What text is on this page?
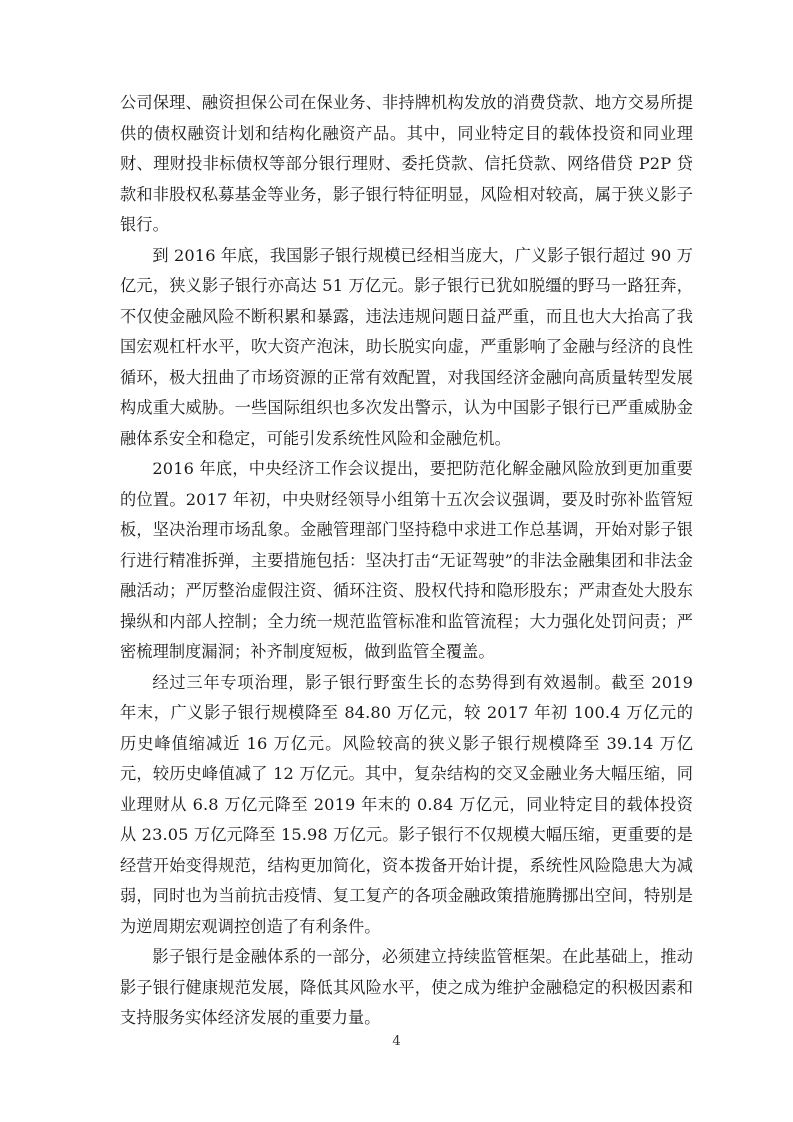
公司保理、融资担保公司在保业务、非持牌机构发放的消费贷款、地方交易所提供的债权融资计划和结构化融资产品。其中，同业特定目的载体投资和同业理财、理财投非标债权等部分银行理财、委托贷款、信托贷款、网络借贷 P2P 贷款和非股权私募基金等业务，影子银行特征明显，风险相对较高，属于狭义影子银行。

到 2016 年底，我国影子银行规模已经相当庞大，广义影子银行超过 90 万亿元，狭义影子银行亦高达 51 万亿元。影子银行已犹如脱缰的野马一路狂奔，不仅使金融风险不断积累和暴露，违法违规问题日益严重，而且也大大抬高了我国宏观杠杆水平，吹大资产泡沫，助长脱实向虚，严重影响了金融与经济的良性循环，极大扭曲了市场资源的正常有效配置，对我国经济金融向高质量转型发展构成重大威胁。一些国际组织也多次发出警示，认为中国影子银行已严重威胁金融体系安全和稳定，可能引发系统性风险和金融危机。

2016 年底，中央经济工作会议提出，要把防范化解金融风险放到更加重要的位置。2017 年初，中央财经领导小组第十五次会议强调，要及时弥补监管短板，坚决治理市场乱象。金融管理部门坚持稳中求进工作总基调，开始对影子银行进行精准拆弹，主要措施包括：坚决打击“无证驾驶”的非法金融集团和非法金融活动；严厉整治虚假注资、循环注资、股权代持和隐形股东；严肃查处大股东操纵和内部人控制；全力统一规范监管标准和监管流程；大力强化处罚问责；严密梳理制度漏洞；补齐制度短板，做到监管全覆盖。

经过三年专项治理，影子银行野蛮生长的态势得到有效遏制。截至 2019 年末，广义影子银行规模降至 84.80 万亿元，较 2017 年初 100.4 万亿元的历史峰值缩减近 16 万亿元。风险较高的狭义影子银行规模降至 39.14 万亿元，较历史峰值减了 12 万亿元。其中，复杂结构的交叉金融业务大幅压缩，同业理财从 6.8 万亿元降至 2019 年末的 0.84 万亿元，同业特定目的载体投资从 23.05 万亿元降至 15.98 万亿元。影子银行不仅规模大幅压缩，更重要的是经营开始变得规范，结构更加简化，资本拨备开始计提，系统性风险隐患大为减弱，同时也为当前抗击疫情、复工复产的各项金融政策措施腾挪出空间，特别是为逆周期宏观调控创造了有利条件。

影子银行是金融体系的一部分，必须建立持续监管框架。在此基础上，推动影子银行健康规范发展，降低其风险水平，使之成为维护金融稳定的积极因素和支持服务实体经济发展的重要力量。

4
